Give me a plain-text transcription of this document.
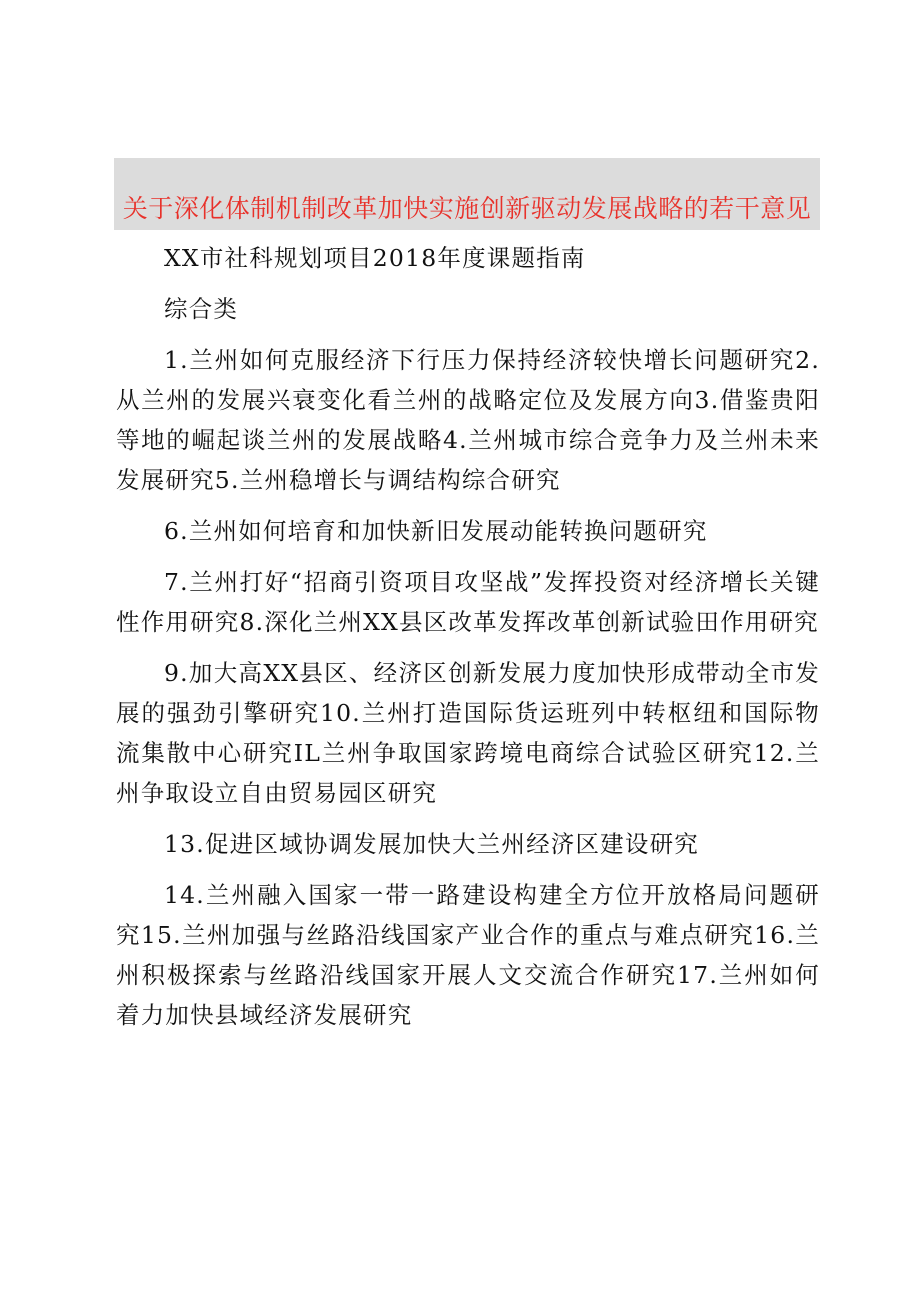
关于深化体制机制改革加快实施创新驱动发展战略的若干意见

XX市社科规划项目2018年度课题指南

综合类

1.兰州如何克服经济下行压力保持经济较快增长问题研究2.从兰州的发展兴衰变化看兰州的战略定位及发展方向3.借鉴贵阳等地的崛起谈兰州的发展战略4.兰州城市综合竞争力及兰州未来发展研究5.兰州稳增长与调结构综合研究

6.兰州如何培育和加快新旧发展动能转换问题研究

7.兰州打好“招商引资项目攻坚战”发挥投资对经济增长关键性作用研究8.深化兰州XX县区改革发挥改革创新试验田作用研究

9.加大高XX县区、经济区创新发展力度加快形成带动全市发展的强劲引擎研究10.兰州打造国际货运班列中转枢纽和国际物流集散中心研究IL兰州争取国家跨境电商综合试验区研究12.兰州争取设立自由贸易园区研究

13.促进区域协调发展加快大兰州经济区建设研究

14.兰州融入国家一带一路建设构建全方位开放格局问题研究15.兰州加强与丝路沿线国家产业合作的重点与难点研究16.兰州积极探索与丝路沿线国家开展人文交流合作研究17.兰州如何着力加快县域经济发展研究
